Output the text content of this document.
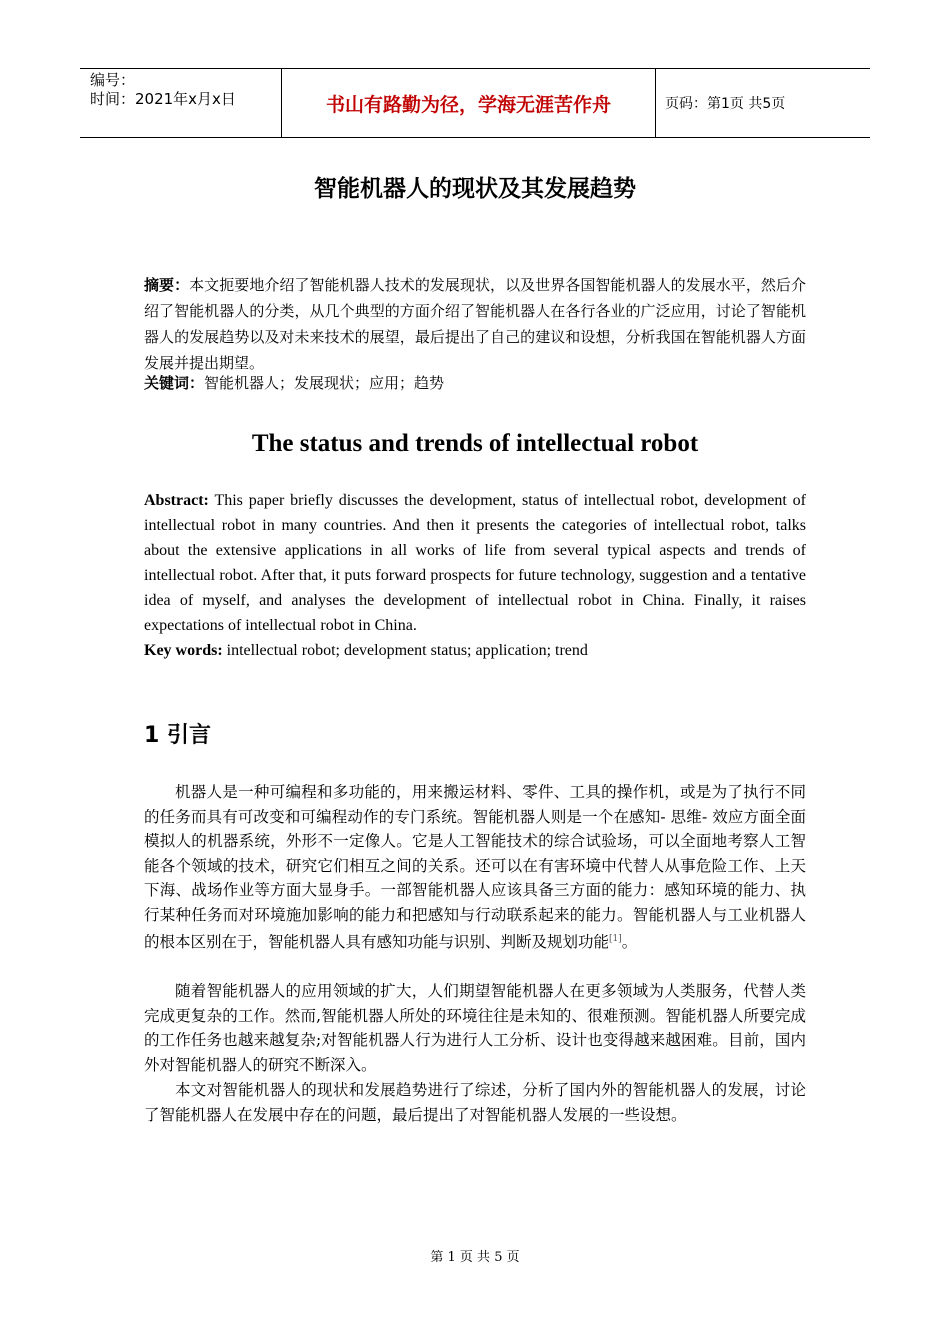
编号：
时间：2021年x月x日	书山有路勤为径，学海无涯苦作舟	页码：第1页 共5页
智能机器人的现状及其发展趋势
摘要：本文扼要地介绍了智能机器人技术的发展现状，以及世界各国智能机器人的发展水平，然后介绍了智能机器人的分类，从几个典型的方面介绍了智能机器人在各行各业的广泛应用，讨论了智能机器人的发展趋势以及对未来技术的展望，最后提出了自己的建议和设想，分析我国在智能机器人方面发展并提出期望。
关键词：智能机器人；发展现状；应用；趋势
The status and trends of intellectual robot
Abstract: This paper briefly discusses the development, status of intellectual robot, development of intellectual robot in many countries. And then it presents the categories of intellectual robot, talks about the extensive applications in all works of life from several typical aspects and trends of intellectual robot. After that, it puts forward prospects for future technology, suggestion and a tentative idea of myself, and analyses the development of intellectual robot in China. Finally, it raises expectations of intellectual robot in China.
Key words: intellectual robot; development status; application; trend
1 引言
机器人是一种可编程和多功能的，用来搬运材料、零件、工具的操作机，或是为了执行不同的任务而具有可改变和可编程动作的专门系统。智能机器人则是一个在感知- 思维- 效应方面全面模拟人的机器系统，外形不一定像人。它是人工智能技术的综合试验场，可以全面地考察人工智能各个领域的技术，研究它们相互之间的关系。还可以在有害环境中代替人从事危险工作、上天下海、战场作业等方面大显身手。一部智能机器人应该具备三方面的能力：感知环境的能力、执行某种任务而对环境施加影响的能力和把感知与行动联系起来的能力。智能机器人与工业机器人的根本区别在于，智能机器人具有感知功能与识别、判断及规划功能[1]。
随着智能机器人的应用领域的扩大，人们期望智能机器人在更多领域为人类服务，代替人类完成更复杂的工作。然而,智能机器人所处的环境往往是未知的、很难预测。智能机器人所要完成的工作任务也越来越复杂;对智能机器人行为进行人工分析、设计也变得越来越困难。目前，国内外对智能机器人的研究不断深入。
本文对智能机器人的现状和发展趋势进行了综述，分析了国内外的智能机器人的发展，讨论了智能机器人在发展中存在的问题，最后提出了对智能机器人发展的一些设想。
第 1 页 共 5 页
